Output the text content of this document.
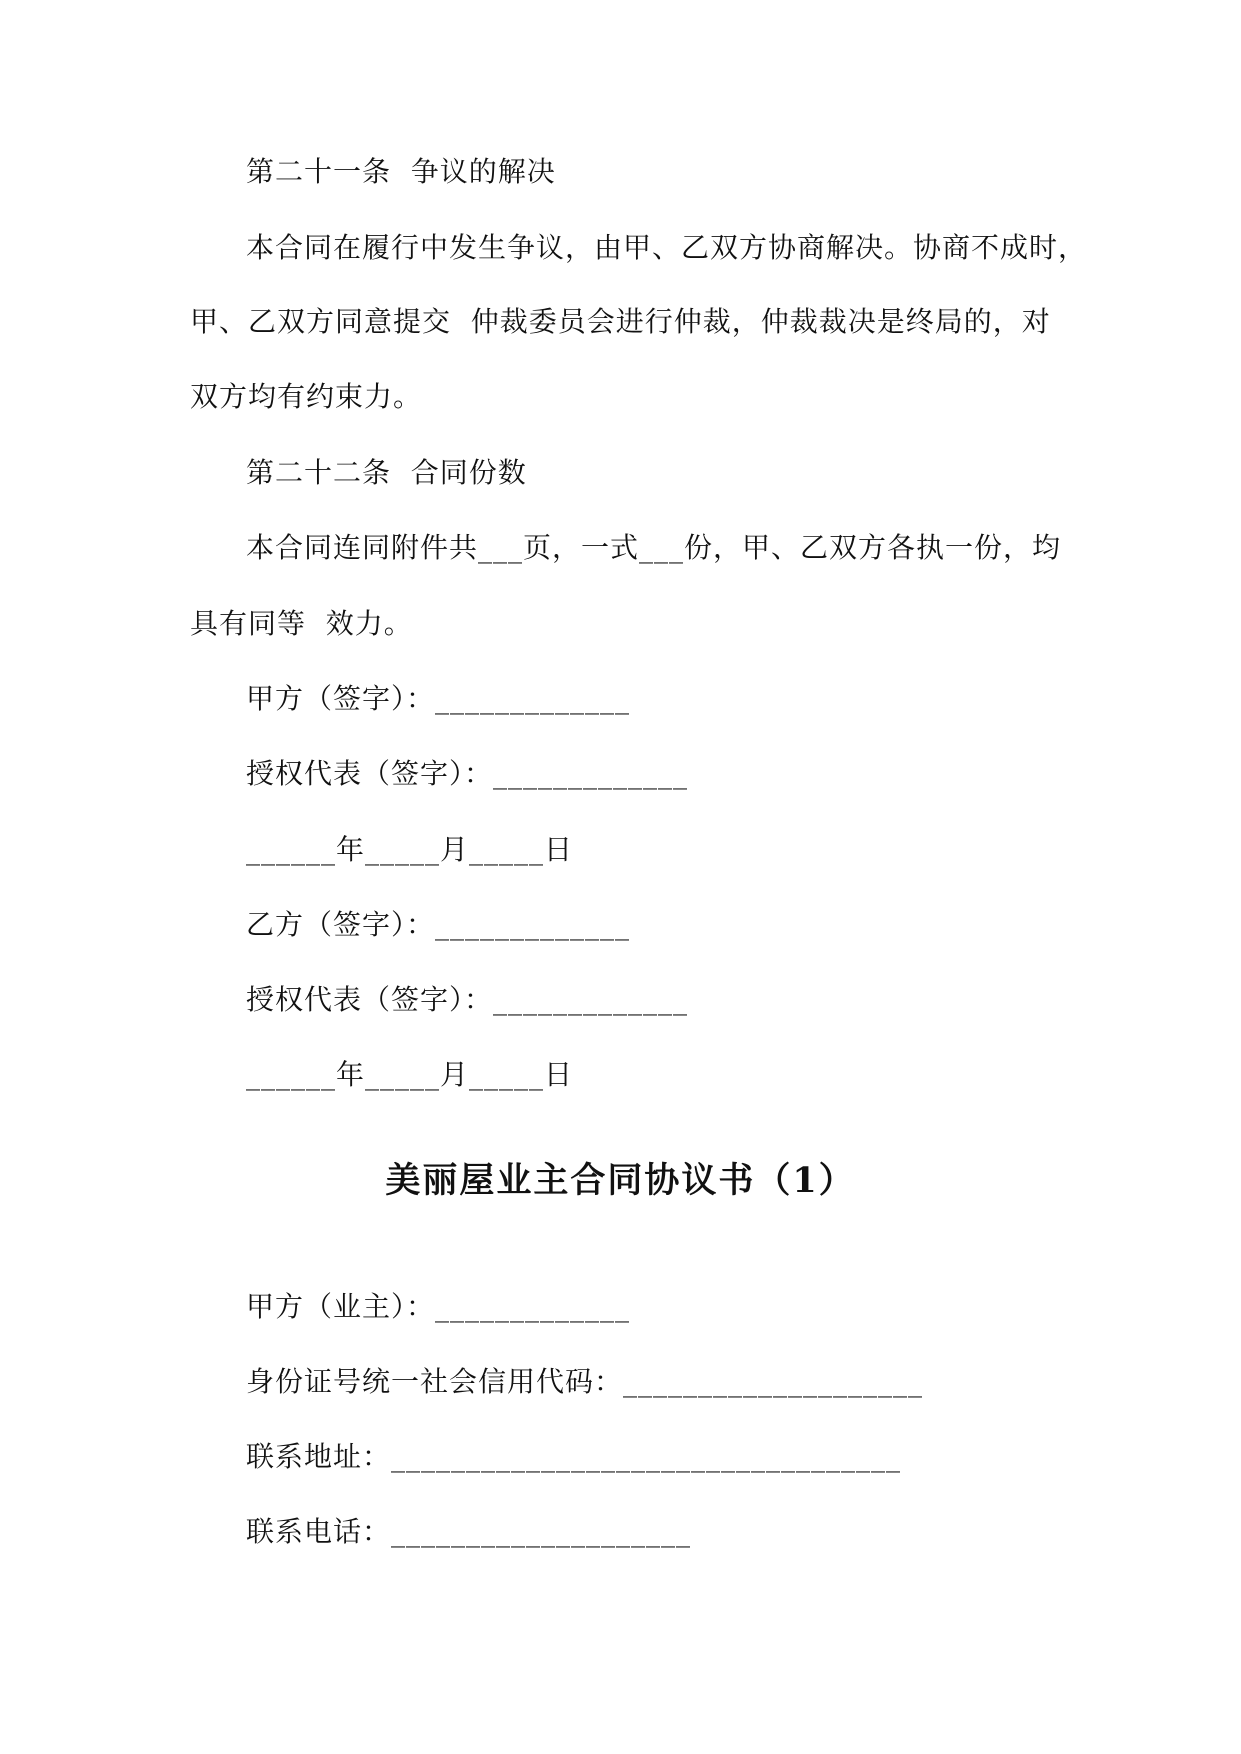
第二十一条  争议的解决
本合同在履行中发生争议，由甲、乙双方协商解决。协商不成时，
甲、乙双方同意提交  仲裁委员会进行仲裁，仲裁裁决是终局的，对
双方均有约束力。
第二十二条  合同份数
本合同连同附件共___页，一式___份，甲、乙双方各执一份，均
具有同等  效力。
甲方（签字）：_____________
授权代表（签字）：_____________
______年_____月_____日
乙方（签字）：_____________
授权代表（签字）：_____________
______年_____月_____日
美丽屋业主合同协议书（1）
甲方（业主）：_____________
身份证号统一社会信用代码：____________________
联系地址：__________________________________
联系电话：____________________
